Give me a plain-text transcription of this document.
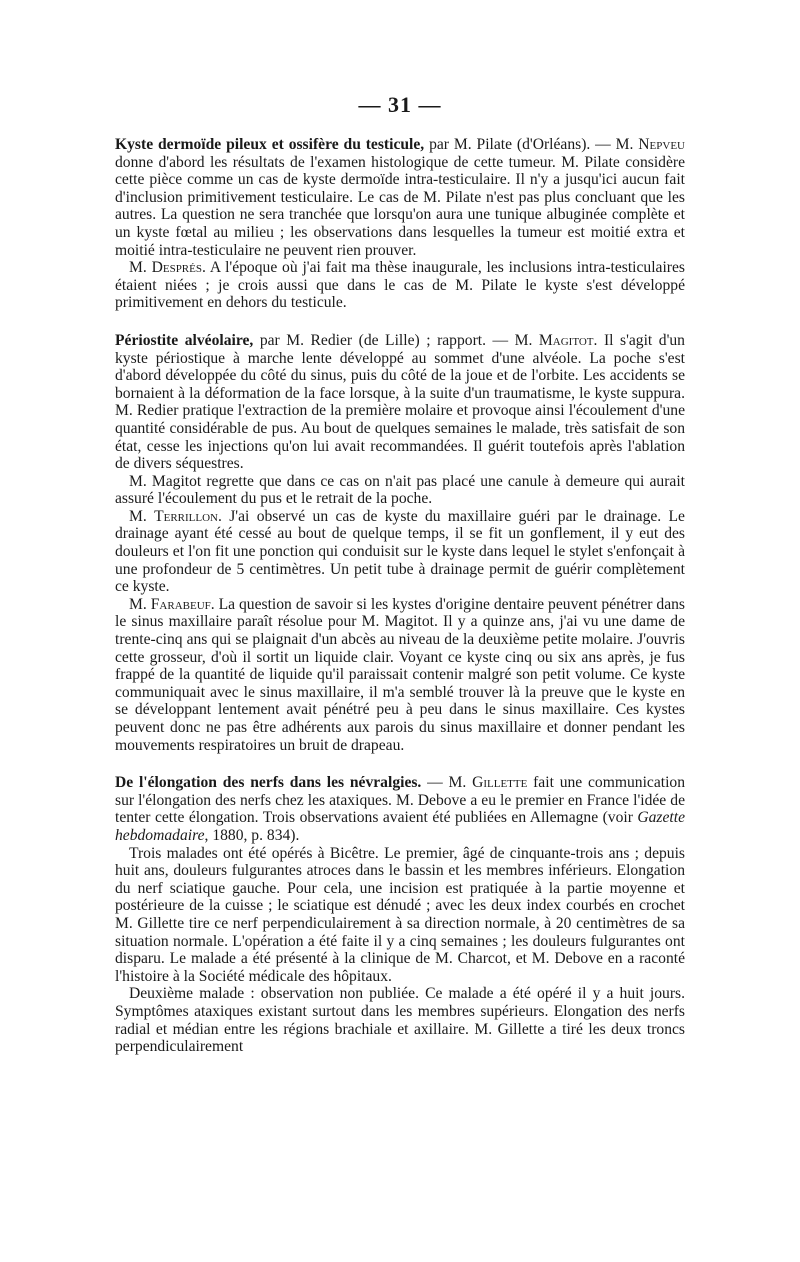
— 31 —

Kyste dermoïde pileux et ossifère du testicule, par M. Pilate (d'Orléans). — M. Nepveu donne d'abord les résultats de l'examen histologique de cette tumeur. M. Pilate considère cette pièce comme un cas de kyste dermoïde intra-testiculaire. Il n'y a jusqu'ici aucun fait d'inclusion primitivement testiculaire. Le cas de M. Pilate n'est pas plus concluant que les autres. La question ne sera tranchée que lorsqu'on aura une tunique albuginée complète et un kyste fœtal au milieu ; les observations dans lesquelles la tumeur est moitié extra et moitié intra-testiculaire ne peuvent rien prouver.

M. Després. A l'époque où j'ai fait ma thèse inaugurale, les inclusions intra-testiculaires étaient niées ; je crois aussi que dans le cas de M. Pilate le kyste s'est développé primitivement en dehors du testicule.

Périostite alvéolaire, par M. Redier (de Lille) ; rapport. — M. Magitot. Il s'agit d'un kyste périostique à marche lente développé au sommet d'une alvéole. La poche s'est d'abord développée du côté du sinus, puis du côté de la joue et de l'orbite. Les accidents se bornaient à la déformation de la face lorsque, à la suite d'un traumatisme, le kyste suppura. M. Redier pratique l'extraction de la première molaire et provoque ainsi l'écoulement d'une quantité considérable de pus. Au bout de quelques semaines le malade, très satisfait de son état, cesse les injections qu'on lui avait recommandées. Il guérit toutefois après l'ablation de divers séquestres.

M. Magitot regrette que dans ce cas on n'ait pas placé une canule à demeure qui aurait assuré l'écoulement du pus et le retrait de la poche.

M. Terrillon. J'ai observé un cas de kyste du maxillaire guéri par le drainage. Le drainage ayant été cessé au bout de quelque temps, il se fit un gonflement, il y eut des douleurs et l'on fit une ponction qui conduisit sur le kyste dans lequel le stylet s'enfonçait à une profondeur de 5 centimètres. Un petit tube à drainage permit de guérir complètement ce kyste.

M. Farabeuf. La question de savoir si les kystes d'origine dentaire peuvent pénétrer dans le sinus maxillaire paraît résolue pour M. Magitot. Il y a quinze ans, j'ai vu une dame de trente-cinq ans qui se plaignait d'un abcès au niveau de la deuxième petite molaire. J'ouvris cette grosseur, d'où il sortit un liquide clair. Voyant ce kyste cinq ou six ans après, je fus frappé de la quantité de liquide qu'il paraissait contenir malgré son petit volume. Ce kyste communiquait avec le sinus maxillaire, il m'a semblé trouver là la preuve que le kyste en se développant lentement avait pénétré peu à peu dans le sinus maxillaire. Ces kystes peuvent donc ne pas être adhérents aux parois du sinus maxillaire et donner pendant les mouvements respiratoires un bruit de drapeau.

De l'élongation des nerfs dans les névralgies. — M. Gillette fait une communication sur l'élongation des nerfs chez les ataxiques. M. Debove a eu le premier en France l'idée de tenter cette élongation. Trois observations avaient été publiées en Allemagne (voir Gazette hebdomadaire, 1880, p. 834).

Trois malades ont été opérés à Bicêtre. Le premier, âgé de cinquante-trois ans ; depuis huit ans, douleurs fulgurantes atroces dans le bassin et les membres inférieurs. Elongation du nerf sciatique gauche. Pour cela, une incision est pratiquée à la partie moyenne et postérieure de la cuisse ; le sciatique est dénudé ; avec les deux index courbés en crochet M. Gillette tire ce nerf perpendiculairement à sa direction normale, à 20 centimètres de sa situation normale. L'opération a été faite il y a cinq semaines ; les douleurs fulgurantes ont disparu. Le malade a été présenté à la clinique de M. Charcot, et M. Debove en a raconté l'histoire à la Société médicale des hôpitaux.

Deuxième malade : observation non publiée. Ce malade a été opéré il y a huit jours. Symptômes ataxiques existant surtout dans les membres supérieurs. Elongation des nerfs radial et médian entre les régions brachiale et axillaire. M. Gillette a tiré les deux troncs perpendiculairement
